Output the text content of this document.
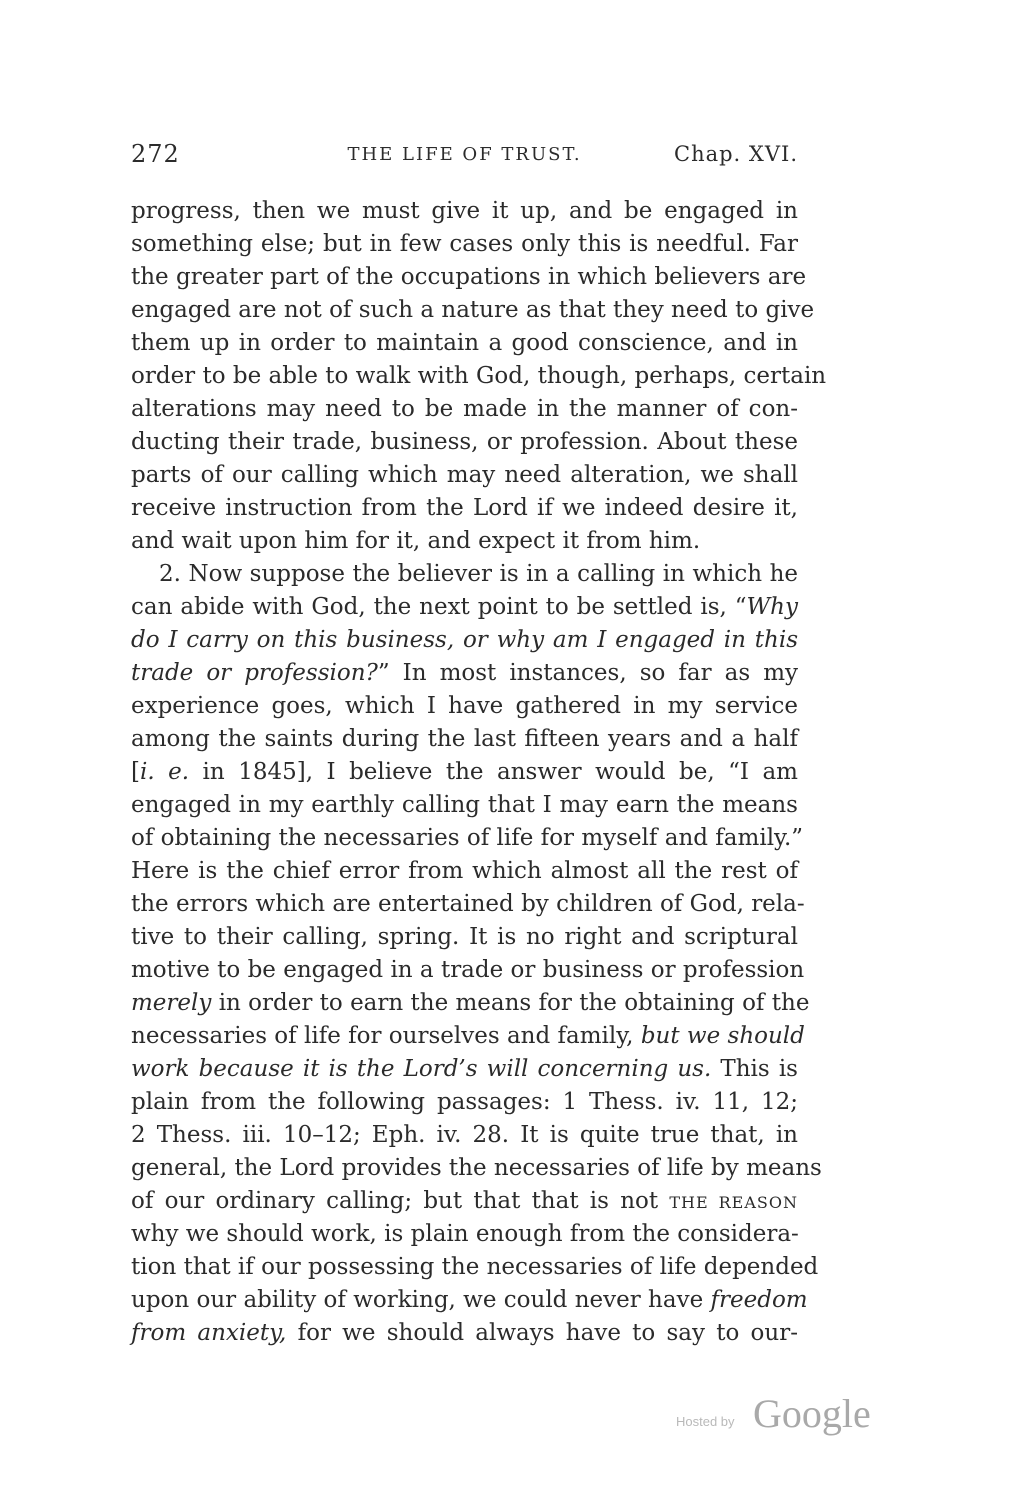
272	THE LIFE OF TRUST.	Chap. XVI.
progress, then we must give it up, and be engaged in
something else; but in few cases only this is needful. Far
the greater part of the occupations in which believers are
engaged are not of such a nature as that they need to give
them up in order to maintain a good conscience, and in
order to be able to walk with God, though, perhaps, certain
alterations may need to be made in the manner of con-
ducting their trade, business, or profession. About these
parts of our calling which may need alteration, we shall
receive instruction from the Lord if we indeed desire it,
and wait upon him for it, and expect it from him.
2. Now suppose the believer is in a calling in which he
can abide with God, the next point to be settled is, “Why
do I carry on this business, or why am I engaged in this
trade or profession?” In most instances, so far as my
experience goes, which I have gathered in my service
among the saints during the last fifteen years and a half
[i. e. in 1845], I believe the answer would be, “I am
engaged in my earthly calling that I may earn the means
of obtaining the necessaries of life for myself and family.”
Here is the chief error from which almost all the rest of
the errors which are entertained by children of God, rela-
tive to their calling, spring. It is no right and scriptural
motive to be engaged in a trade or business or profession
merely in order to earn the means for the obtaining of the
necessaries of life for ourselves and family, but we should
work because it is the Lord’s will concerning us. This is
plain from the following passages: 1 Thess. iv. 11, 12;
2 Thess. iii. 10–12; Eph. iv. 28. It is quite true that, in
general, the Lord provides the necessaries of life by means
of our ordinary calling; but that that is not THE REASON
why we should work, is plain enough from the considera-
tion that if our possessing the necessaries of life depended
upon our ability of working, we could never have freedom
from anxiety, for we should always have to say to our-
Hosted by Google
